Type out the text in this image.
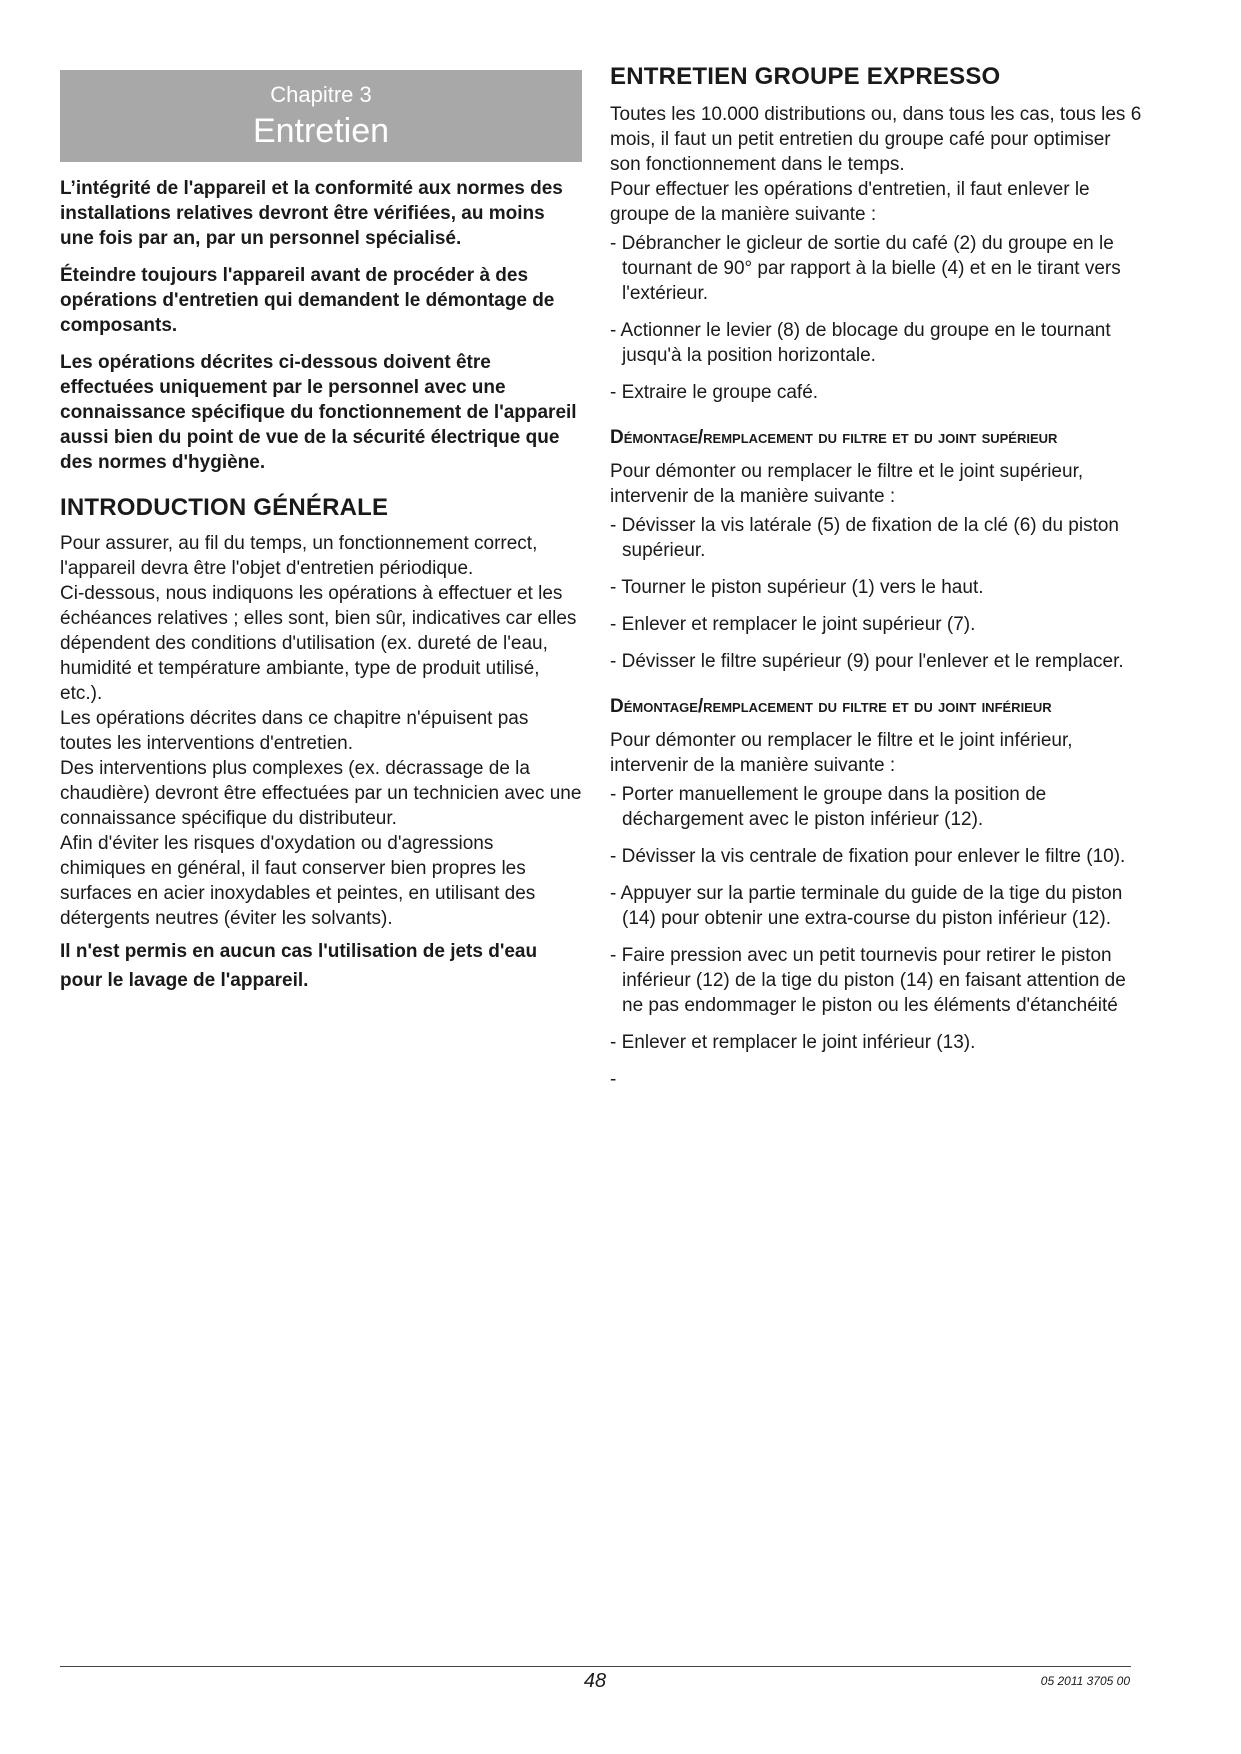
Chapitre 3
Entretien

L’intégrité de l'appareil et la conformité aux normes des installations relatives devront être vérifiées, au moins une fois par an, par un personnel spécialisé.

Éteindre toujours l'appareil avant de procéder à des opérations d'entretien qui demandent le démontage de composants.

Les opérations décrites ci-dessous doivent être effectuées uniquement par le personnel avec une connaissance spécifique du fonctionnement de l'appareil aussi bien du point de vue de la sécurité électrique que des normes d'hygiène.

INTRODUCTION GÉNÉRALE

Pour assurer, au fil du temps, un fonctionnement correct, l'appareil devra être l'objet d'entretien périodique.

Ci-dessous, nous indiquons les opérations à effectuer et les échéances relatives ; elles sont, bien sûr, indicatives car elles dépendent des conditions d'utilisation (ex. dureté de l'eau, humidité et température ambiante, type de produit utilisé, etc.).

Les opérations décrites dans ce chapitre n'épuisent pas toutes les interventions d'entretien.

Des interventions plus complexes (ex. décrassage de la chaudière) devront être effectuées par un technicien avec une connaissance spécifique du distributeur.

Afin d'éviter les risques d'oxydation ou d'agressions chimiques en général, il faut conserver bien propres les surfaces en acier inoxydables et peintes, en utilisant des détergents neutres (éviter les solvants).

Il n'est permis en aucun cas l'utilisation de jets d'eau pour le lavage de l'appareil.

ENTRETIEN GROUPE EXPRESSO

Toutes les 10.000 distributions ou, dans tous les cas, tous les 6 mois, il faut un petit entretien du groupe café pour optimiser son fonctionnement dans le temps.

Pour effectuer les opérations d'entretien, il faut enlever le groupe de la manière suivante :

- Débrancher le gicleur de sortie du café (2) du groupe en le tournant de 90° par rapport à la bielle (4) et en le tirant vers l'extérieur.

- Actionner le levier (8) de blocage du groupe en le tournant jusqu'à la position horizontale.

- Extraire le groupe café.

Démontage/remplacement du filtre et du joint supérieur

Pour démonter ou remplacer le filtre et le joint supérieur, intervenir de la manière suivante :

- Dévisser la vis latérale (5) de fixation de la clé (6) du piston supérieur.

- Tourner le piston supérieur (1) vers le haut.

- Enlever et remplacer le joint supérieur (7).

- Dévisser le filtre supérieur (9) pour l'enlever et le remplacer.

Démontage/remplacement du filtre et du joint inférieur

Pour démonter ou remplacer le filtre et le joint inférieur, intervenir de la manière suivante :

- Porter manuellement le groupe dans la position de déchargement avec le piston inférieur (12).

- Dévisser la vis centrale de fixation pour enlever le filtre (10).

- Appuyer sur la partie terminale du guide de la tige du piston (14) pour obtenir une extra-course du piston inférieur (12).

- Faire pression avec un petit tournevis pour retirer le piston inférieur (12) de la tige du piston (14) en faisant attention de ne pas endommager le piston ou les éléments d'étanchéité

- Enlever et remplacer le joint inférieur (13).

-

48	05 2011 3705 00
